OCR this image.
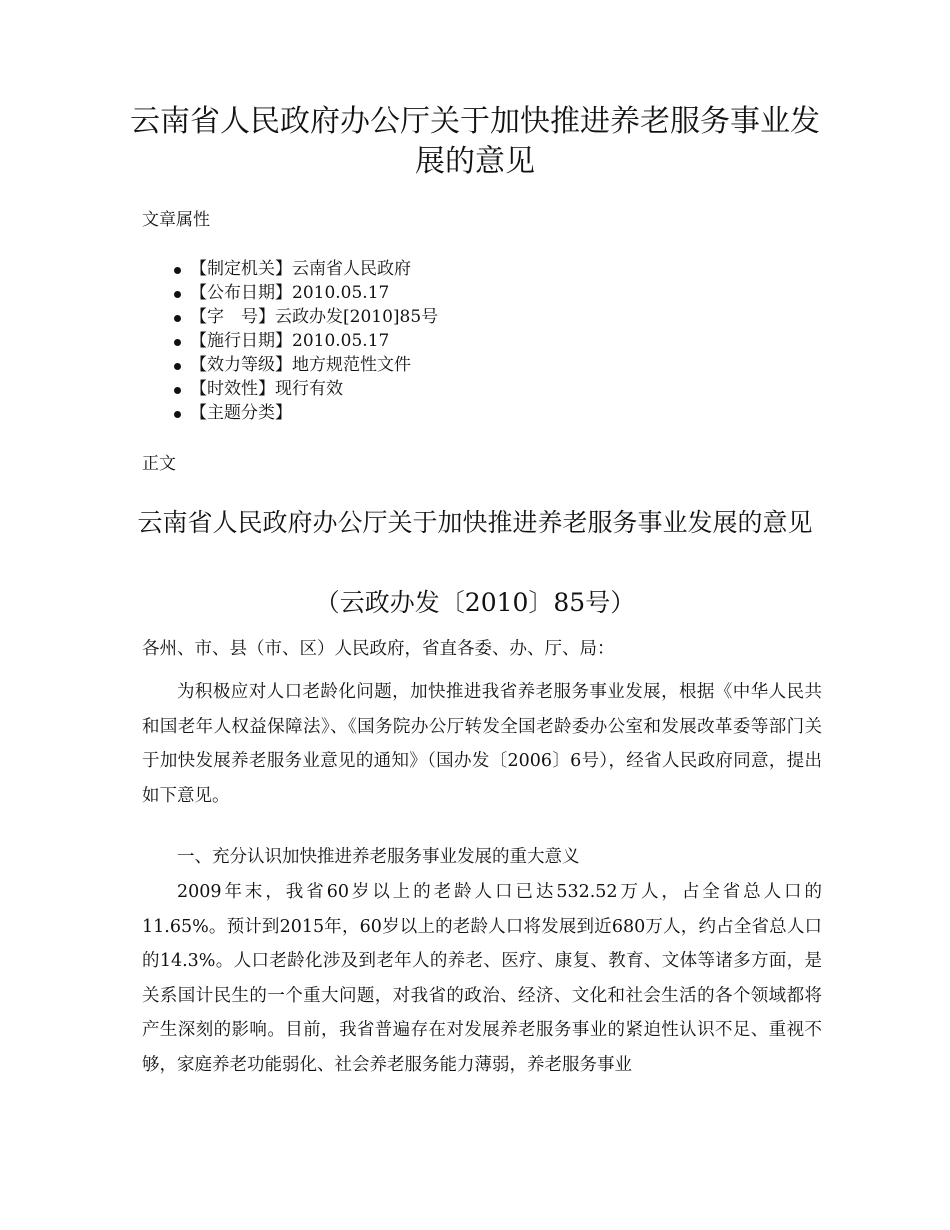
云南省人民政府办公厅关于加快推进养老服务事业发展的意见
文章属性
【制定机关】云南省人民政府
【公布日期】2010.05.17
【字　号】云政办发[2010]85号
【施行日期】2010.05.17
【效力等级】地方规范性文件
【时效性】现行有效
【主题分类】
正文
云南省人民政府办公厅关于加快推进养老服务事业发展的意见
（云政办发〔2010〕85号）

各州、市、县（市、区）人民政府，省直各委、办、厅、局：

为积极应对人口老龄化问题，加快推进我省养老服务事业发展，根据《中华人民共和国老年人权益保障法》、《国务院办公厅转发全国老龄委办公室和发展改革委等部门关于加快发展养老服务业意见的通知》（国办发〔2006〕6号），经省人民政府同意，提出如下意见。

一、充分认识加快推进养老服务事业发展的重大意义

2009年末，我省60岁以上的老龄人口已达532.52万人，占全省总人口的11.65%。预计到2015年，60岁以上的老龄人口将发展到近680万人，约占全省总人口的14.3%。人口老龄化涉及到老年人的养老、医疗、康复、教育、文体等诸多方面，是关系国计民生的一个重大问题，对我省的政治、经济、文化和社会生活的各个领域都将产生深刻的影响。目前，我省普遍存在对发展养老服务事业的紧迫性认识不足、重视不够，家庭养老功能弱化、社会养老服务能力薄弱，养老服务事业
